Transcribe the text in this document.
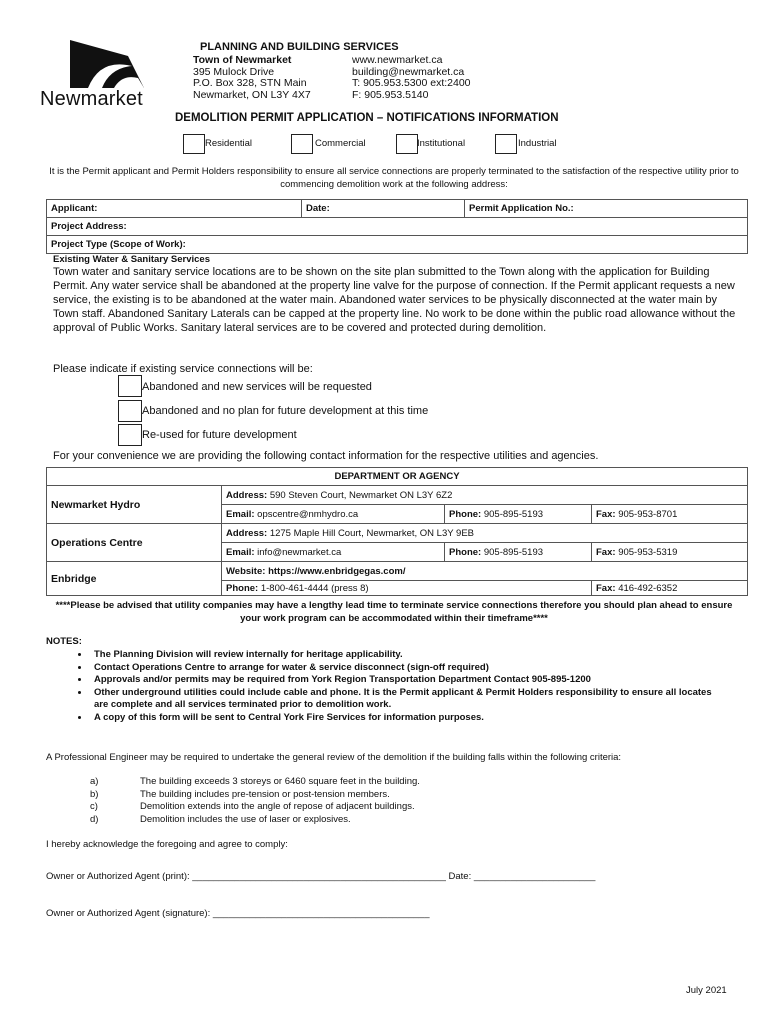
Newmarket
PLANNING AND BUILDING SERVICES
Town of Newmarket
395 Mulock Drive
P.O. Box 328, STN Main
Newmarket, ON L3Y 4X7
www.newmarket.ca
building@newmarket.ca
T: 905.953.5300 ext:2400
F: 905.953.5140
DEMOLITION PERMIT APPLICATION – NOTIFICATIONS INFORMATION
Residential	Commercial	Institutional	Industrial
It is the Permit applicant and Permit Holders responsibility to ensure all service connections are properly terminated to the satisfaction of the respective utility prior to commencing demolition work at the following address:
Applicant:	Date:	Permit Application No.:
Project Address:
Project Type (Scope of Work):
Existing Water & Sanitary Services
Town water and sanitary service locations are to be shown on the site plan submitted to the Town along with the application for Building Permit. Any water service shall be abandoned at the property line valve for the purpose of connection. If the Permit applicant requests a new service, the existing is to be abandoned at the water main. Abandoned water services to be physically disconnected at the water main by Town staff. Abandoned Sanitary Laterals can be capped at the property line. No work to be done within the public road allowance without the approval of Public Works. Sanitary lateral services are to be covered and protected during demolition.
Please indicate if existing service connections will be:
Abandoned and new services will be requested
Abandoned and no plan for future development at this time
Re-used for future development
For your convenience we are providing the following contact information for the respective utilities and agencies.
DEPARTMENT OR AGENCY			
Newmarket Hydro	Address: 590 Steven Court, Newmarket ON L3Y 6Z2		
	Email: opscentre@nmhydro.ca	Phone: 905-895-5193	Fax: 905-953-8701
Operations Centre	Address: 1275 Maple Hill Court, Newmarket, ON L3Y 9EB		
	Email: info@newmarket.ca	Phone: 905-895-5193	Fax: 905-953-5319
Enbridge	Website: https://www.enbridgegas.com/		
	Phone: 1-800-461-4444 (press 8)		Fax: 416-492-6352
****Please be advised that utility companies may have a lengthy lead time to terminate service connections therefore you should plan ahead to ensure your work program can be accommodated within their timeframe****
NOTES:
• The Planning Division will review internally for heritage applicability.
• Contact Operations Centre to arrange for water & service disconnect (sign-off required)
• Approvals and/or permits may be required from York Region Transportation Department Contact 905-895-1200
• Other underground utilities could include cable and phone. It is the Permit applicant & Permit Holders responsibility to ensure all locates are complete and all services terminated prior to demolition work.
• A copy of this form will be sent to Central York Fire Services for information purposes.
A Professional Engineer may be required to undertake the general review of the demolition if the building falls within the following criteria:
a)	The building exceeds 3 storeys or 6460 square feet in the building.
b)	The building includes pre-tension or post-tension members.
c)	Demolition extends into the angle of repose of adjacent buildings.
d)	Demolition includes the use of laser or explosives.
I hereby acknowledge the foregoing and agree to comply:
Owner or Authorized Agent (print): ________________________________________________ Date: _______________________
Owner or Authorized Agent (signature): _________________________________________
July 2021
